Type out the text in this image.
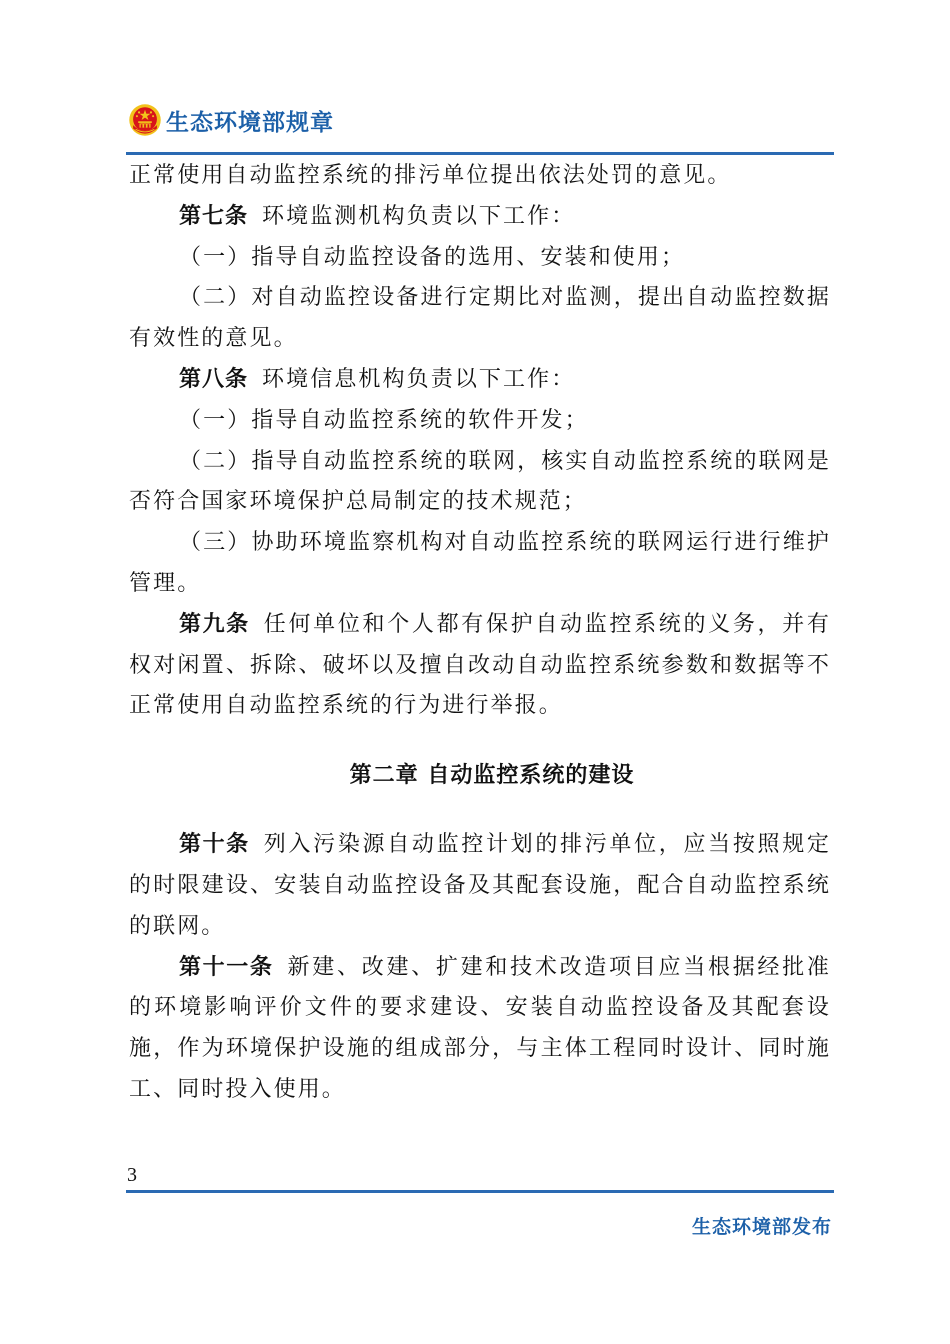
生态环境部规章

正常使用自动监控系统的排污单位提出依法处罚的意见。

第七条 环境监测机构负责以下工作：

（一）指导自动监控设备的选用、安装和使用；

（二）对自动监控设备进行定期比对监测，提出自动监控数据有效性的意见。

第八条 环境信息机构负责以下工作：

（一）指导自动监控系统的软件开发；

（二）指导自动监控系统的联网，核实自动监控系统的联网是否符合国家环境保护总局制定的技术规范；

（三）协助环境监察机构对自动监控系统的联网运行进行维护管理。

第九条 任何单位和个人都有保护自动监控系统的义务，并有权对闲置、拆除、破坏以及擅自改动自动监控系统参数和数据等不正常使用自动监控系统的行为进行举报。

第二章 自动监控系统的建设

第十条 列入污染源自动监控计划的排污单位，应当按照规定的时限建设、安装自动监控设备及其配套设施，配合自动监控系统的联网。

第十一条 新建、改建、扩建和技术改造项目应当根据经批准的环境影响评价文件的要求建设、安装自动监控设备及其配套设施，作为环境保护设施的组成部分，与主体工程同时设计、同时施工、同时投入使用。

3
生态环境部发布
